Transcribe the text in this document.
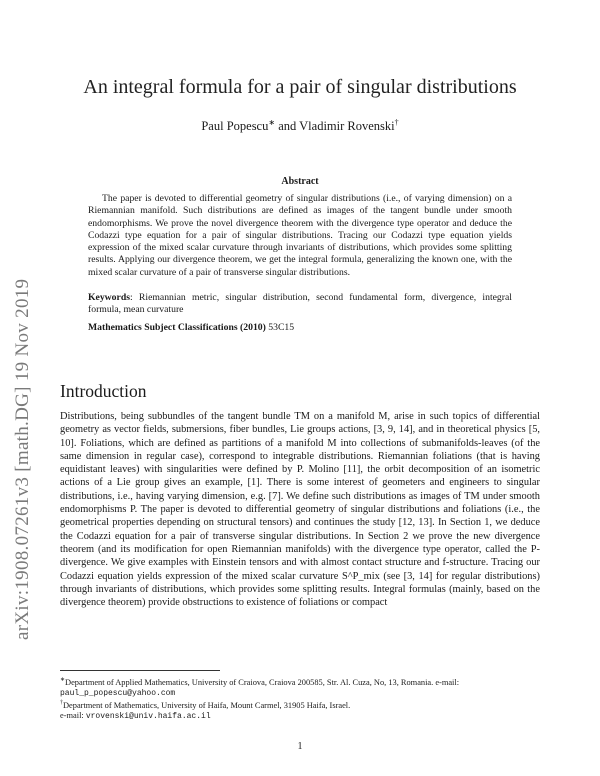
arXiv:1908.07261v3 [math.DG] 19 Nov 2019
An integral formula for a pair of singular distributions
Paul Popescu∗ and Vladimir Rovenski†
Abstract
The paper is devoted to differential geometry of singular distributions (i.e., of varying dimension) on a Riemannian manifold. Such distributions are defined as images of the tangent bundle under smooth endomorphisms. We prove the novel divergence theorem with the divergence type operator and deduce the Codazzi type equation for a pair of singular distributions. Tracing our Codazzi type equation yields expression of the mixed scalar curvature through invariants of distributions, which provides some splitting results. Applying our divergence theorem, we get the integral formula, generalizing the known one, with the mixed scalar curvature of a pair of transverse singular distributions.
Keywords: Riemannian metric, singular distribution, second fundamental form, divergence, integral formula, mean curvature
Mathematics Subject Classifications (2010) 53C15
Introduction
Distributions, being subbundles of the tangent bundle TM on a manifold M, arise in such topics of differential geometry as vector fields, submersions, fiber bundles, Lie groups actions, [3, 9, 14], and in theoretical physics [5, 10]. Foliations, which are defined as partitions of a manifold M into collections of submanifolds-leaves (of the same dimension in regular case), correspond to integrable distributions. Riemannian foliations (that is having equidistant leaves) with singularities were defined by P. Molino [11], the orbit decomposition of an isometric actions of a Lie group gives an example, [1]. There is some interest of geometers and engineers to singular distributions, i.e., having varying dimension, e.g. [7]. We define such distributions as images of TM under smooth endomorphisms P. The paper is devoted to differential geometry of singular distributions and foliations (i.e., the geometrical properties depending on structural tensors) and continues the study [12, 13]. In Section 1, we deduce the Codazzi equation for a pair of transverse singular distributions. In Section 2 we prove the new divergence theorem (and its modification for open Riemannian manifolds) with the divergence type operator, called the P-divergence. We give examples with Einstein tensors and with almost contact structure and f-structure. Tracing our Codazzi equation yields expression of the mixed scalar curvature S^P_mix (see [3, 14] for regular distributions) through invariants of distributions, which provides some splitting results. Integral formulas (mainly, based on the divergence theorem) provide obstructions to existence of foliations or compact
∗Department of Applied Mathematics, University of Craiova, Craiova 200585, Str. Al. Cuza, No, 13, Romania. e-mail: paul_p_popescu@yahoo.com
†Department of Mathematics, University of Haifa, Mount Carmel, 31905 Haifa, Israel.
e-mail: vrovenski@univ.haifa.ac.il
1
